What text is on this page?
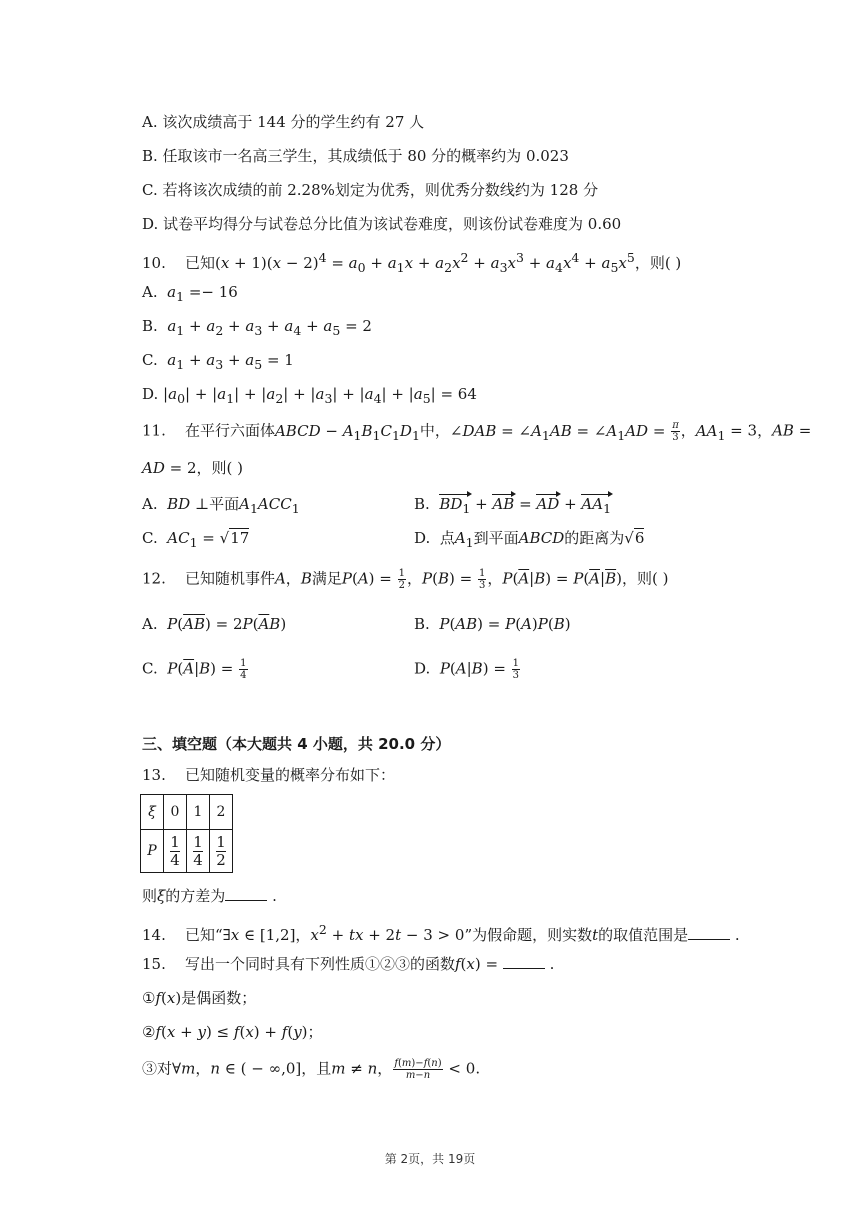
A. 该次成绩高于 144 分的学生约有 27 人
B. 任取该市一名高三学生，其成绩低于 80 分的概率约为 0.023
C. 若将该次成绩的前 2.28%划定为优秀，则优秀分数线约为 128 分
D. 试卷平均得分与试卷总分比值为该试卷难度，则该份试卷难度为 0.60
10. 已知$(x + 1)(x - 2)^4 = a_0 + a_1x + a_2x^2 + a_3x^3 + a_4x^4 + a_5x^5$，则( )
A. $a_1 =- 16$
B. $a_1 + a_2 + a_3 + a_4 + a_5 = 2$
C. $a_1 + a_3 + a_5 = 1$
D. $|a_0| + |a_1| + |a_2| + |a_3| + |a_4| + |a_5| = 64$
11. 在平行六面体ABCD − $A_1B_1C_1D_1$中，∠DAB = $\angle A_1AB$ = $\angle A_1AD = \frac{\pi}{3}$ ，$AA_1 = 3$，AB =
AD = 2，则( )
A. BD ⊥平面$A_1ACC_1$	B. $BD_1$ + AB = AD + $AA_1$
C. $AC_1 = √17$	D. 点$A_1$到平面ABCD的距离为√6
12. 已知随机事件A，B满足$P(A) = \frac{1}{2}$ ，$P(B) = \frac{1}{3}$ ，$P(\overline{A}|B) = P(\overline{A}|\overline{B})$，则( )
A. $P(\overline{A}\overline{B}) = 2P(\overline{A}B)$	B. P(AB) = P(A)P(B)
C. $P(\overline{A}|B) = \frac{1}{4}$	D. $P(A|B) = \frac{1}{3}$
三、填空题（本大题共 4 小题，共 20.0 分）
13. 已知随机变量的概率分布如下：
ξ	0	1	2
P	$\frac{1}{4}$	$\frac{1}{4}$	$\frac{1}{2}$
则ξ的方差为	.
14. 已知“∃x ∈ [1,2]，$x^2$ + tx + 2t − 3 > 0”为假命题，则实数t的取值范围是	.
15. 写出一个同时具有下列性质①②③的函数f(x) =	.
①f(x)是偶函数；
②f(x + y) ≤ f(x) + f(y)；
③对∀m，n ∈ ( − ∞,0]，且m ≠ n， $\frac{f(m)-f(n)}{m-n} < 0$.
第 2页，共 19页
